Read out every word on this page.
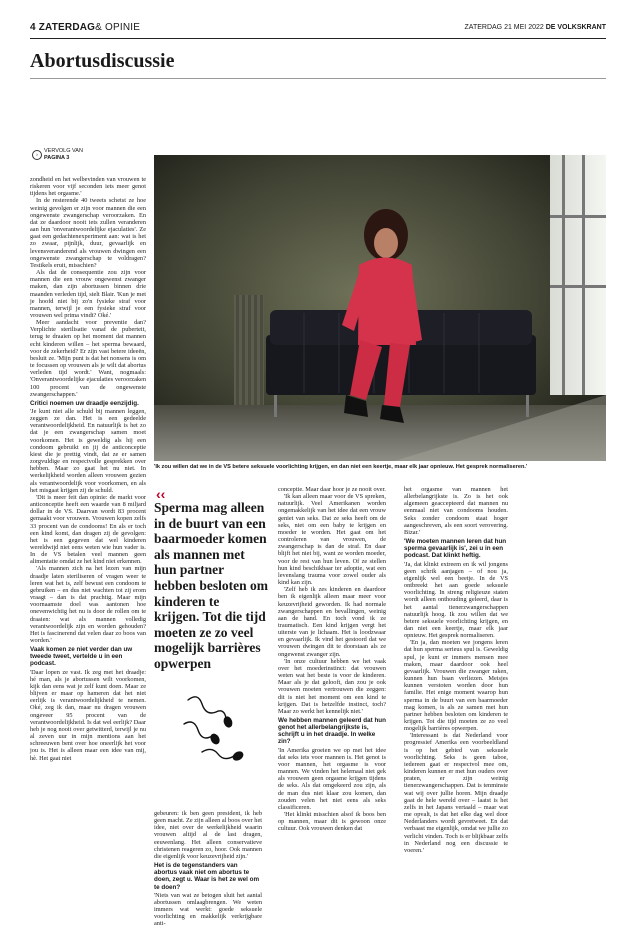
4 ZATERDAG& OPINIE	ZATERDAG 21 MEI 2022 DE VOLKSKRANT
Abortusdiscussie
›
VERVOLG VAN
PAGINA 3
'Ik zou willen dat we in de VS betere seksuele voorlichting krijgen, en dan niet een keertje, maar elk jaar opnieuw. Het gesprek normaliseren.'

zondheid en het welbevinden van vrouwen te riskeren voor vijf seconden iets meer genot tijdens het orgasme.'

In de resterende 40 tweets schetst ze hoe weinig gevolgen er zijn voor mannen die een ongewenste zwangerschap veroorzaken. En dat ze daardoor nooit iets zullen veranderen aan hun 'onverantwoordelijke ejaculaties'. Ze gaat een gedachtenexperiment aan: wat is het zo zwaar, pijnlijk, duur, gevaarlijk en levensveranderend als vrouwen dwingen een ongewenste zwangerschap te voldragen? Testikels eruit, misschien?

Als dat de consequentie zou zijn voor mannen die een vrouw ongewenst zwanger maken, dan zijn abortussen binnen drie maanden verleden tijd, stelt Blair. 'Kun je met je hoofd niet bij zo'n fysieke straf voor mannen, terwijl je een fysieke straf voor vrouwen wel prima vindt? Oké.'

Meer aandacht voor preventie dan? Verplichte sterilisatie vanaf de puberteit, terug te draaien op het moment dat mannen echt kinderen willen – het sperma bewaard, voor de zekerheid? Er zijn vast betere ideeën, besluit ze. 'Mijn punt is dat het nonsens is om te focussen op vrouwen als je wilt dat abortus verleden tijd wordt.' Want, nogmaals: 'Onverantwoordelijke ejaculaties veroorzaken 100 procent van de ongewenste zwangerschappen.'

Critici noemen uw draadje eenzijdig.

'Je kunt niet alle schuld bij mannen leggen, zeggen ze dan. Het is een gedeelde verantwoordelijkheid. En natuurlijk is het zo dat je een zwangerschap samen moet voorkomen. Het is geweldig als hij een condoom gebruikt en jij de anticonceptie kiest die je prettig vindt, dat ze er samen zorgvuldige en respectvolle gesprekken over hebben. Maar zo gaat het nu niet. In werkelijkheid worden alleen vrouwen gezien als verantwoordelijk voor voorkomen, en als het misgaat krijgen zij de schuld.

'Dit is meer feit dan opinie: de markt voor anticonceptie heeft een waarde van 8 miljard dollar in de VS. Daarvan wordt 83 procent gemaakt voor vrouwen. Vrouwen kopen zelfs 33 procent van de condooms! En als er toch een kind komt, dan dragen zij de gevolgen: het is een gegeven dat wel kinderen wereldwijd niet eens weten wie hun vader is. In de VS betalen veel mannen geen alimentatie omdat ze het kind niet erkennen.

'Als mannen zich na het lezen van mijn draadje laten steriliseren of vragen weer te leren wat het is, zelf bewust een condoom te gebruiken – en dus niet wachten tot zij erom vraagt – dan is dat prachtig. Maar mijn voornaamste doel was aantonen hoe onevenwichtig het nu is door de rollen om te draaien: wat als mannen volledig verantwoordelijk zijn en worden gehouden? Het is fascinerend dat velen daar zo boos van worden.'

Vaak komen ze niet verder dan uw tweede tweet, vertelde u in een podcast.

'Daar lopen ze vast. Ik zeg met het draadje: hé man, als je abortussen wilt voorkomen, kijk dan eens wat je zelf kunt doen. Maar ze blijven er maar op hameren dat het niet eerlijk is verantwoordelijkheid te nemen. Oké, zeg ik dan, maar nu dragen vrouwen ongeveer 95 procent van de verantwoordelijkheid. Is dat wel eerlijk? Daar heb je nog nooit over getwitterd, terwijl je nu al zeven uur in mijn mentions aan het schreeuwen bent over hoe oneerlijk het voor jou is. Het is alleen maar een idee van mij, hè. Het gaat niet

‹‹
Sperma mag alleen in de buurt van een baarmoeder komen als mannen met hun partner hebben besloten om kinderen te krijgen. Tot die tijd moeten ze zo veel mogelijk barrières opwerpen

gebeuren: ik ben geen president, ik heb geen macht. Ze zijn alleen al boos over het idee, niet over de werkelijkheid waarin vrouwen altijd al de last dragen, eeuwenlang. Het alleen conservatieve christenen reageren zo, hoor. Ook mannen die eigenlijk voor keuzevrijheid zijn.'

Het is de tegenstanders van abortus vaak niet om abortus te doen, zegt u. Waar is het ze wel om te doen?

'Niets van wat ze betogen sluit het aantal abortussen omlaagbrengen. We weten immers wat werkt: goede seksuele voorlichting en makkelijk verkrijgbare anti-

conceptie. Maar daar hoor je ze nooit over.

'Ik kan alleen maar voor de VS spreken, natuurlijk. Veel Amerikanen worden ongemakkelijk van het idee dat een vrouw geniet van seks. Dat ze seks heeft om de seks, niet om een baby te krijgen en moeder te worden. Het gaat om het controleren van vrouwen, de zwangerschap is dan de straf. En daar blijft het niet bij, want ze worden moeder, voor de rest van hun leven. Of ze stellen hun kind beschikbaar ter adoptie, wat een levenslang trauma voor zowel ouder als kind kan zijn.

'Zelf heb ik zes kinderen en daardoor ben ik eigenlijk alleen maar meer voor keuzevrijheid geworden. Ik had normale zwangerschappen en bevallingen, weinig aan de hand. En toch vond ik ze traumatisch. Een kind krijgen vergt het uiterste van je lichaam. Het is loodzwaar en gevaarlijk. Ik vind het gestoord dat we vrouwen dwingen dit te doorstaan als ze ongewenst zwanger zijn.

'In onze cultuur hebben we het vaak over het moederinstinct: dat vrouwen weten wat het beste is voor de kinderen. Maar als je dat gelooft, dan zou je ook vrouwen moeten vertrouwen die zeggen: dit is niet het moment om een kind te krijgen. Dat is hetzelfde instinct, toch? Maar zo werkt het kennelijk niet.'

We hebben mannen geleerd dat hun genot het allerbelangrijkste is, schrijft u in het draadje. In welke zin?

'In Amerika groeien we op met het idee dat seks iets voor mannen is. Het genot is voor mannen, het orgasme is voor mannen. We vinden het helemaal niet gek als vrouwen geen orgasme krijgen tijdens de seks. Als dat omgekeerd zou zijn, als de man dus niet klaar zou komen, dan zouden velen het niet eens als seks classificeren.

'Het klinkt misschien alsof ik boos ben op mannen, maar dit is gewoon onze cultuur. Ook vrouwen denken dat

het orgasme van mannen het allerbelangrijkste is. Zo is het ook algemeen geaccepteerd dat mannen nu eenmaal niet van condooms houden. Seks zonder condoom staat hoger aangeschreven, als een soort verovering. Bizar.'

'We moeten mannen leren dat hun sperma gevaarlijk is', zei u in een podcast. Dat klinkt heftig.

'Ja, dat klinkt extreem en ik wil jongens geen schrik aanjagen – of nou ja, eigenlijk wel een beetje. In de VS ontbreekt het aan goede seksuele voorlichting. In streng religieuze staten wordt alleen onthouding geleerd, daar is het aantal tienerzwangerschappen natuurlijk hoog. Ik zou willen dat we betere seksuele voorlichting krijgen, en dan niet een keertje, maar elk jaar opnieuw. Het gesprek normaliseren.

'En ja, dan moeten we jongens leren dat hun sperma serieus spul is. Geweldig spul, je kunt er immers mensen mee maken, maar daardoor ook heel gevaarlijk. Vrouwen die zwanger raken, kunnen hun baan verliezen. Meisjes kunnen verstoten worden door hun familie. Het enige moment waarop hun sperma in de buurt van een baarmoeder mag komen, is als ze samen met hun partner hebben besloten om kinderen te krijgen. Tot die tijd moeten ze zo veel mogelijk barrières opwerpen.

'Interessant is dat Nederland voor progressief Amerika een voorbeeldland is op het gebied van seksuele voorlichting. Seks is geen taboe, iedereen gaat er respectvol mee om, kinderen kunnen er met hun ouders over praten, er zijn weinig tienerzwangerschappen. Dat is tenminste wat wij over jullie horen. Mijn draadje gaat de hele wereld over – laatst is het zelfs in het Japans vertaald – maar wat me opvalt, is dat het elke dag wel door Nederlanders wordt gevretweet. En dat verbaast me eigenlijk, omdat we jullie zo verlicht vinden. Toch is er blijkbaar zelfs in Nederland nog een discussie te voeren.'
